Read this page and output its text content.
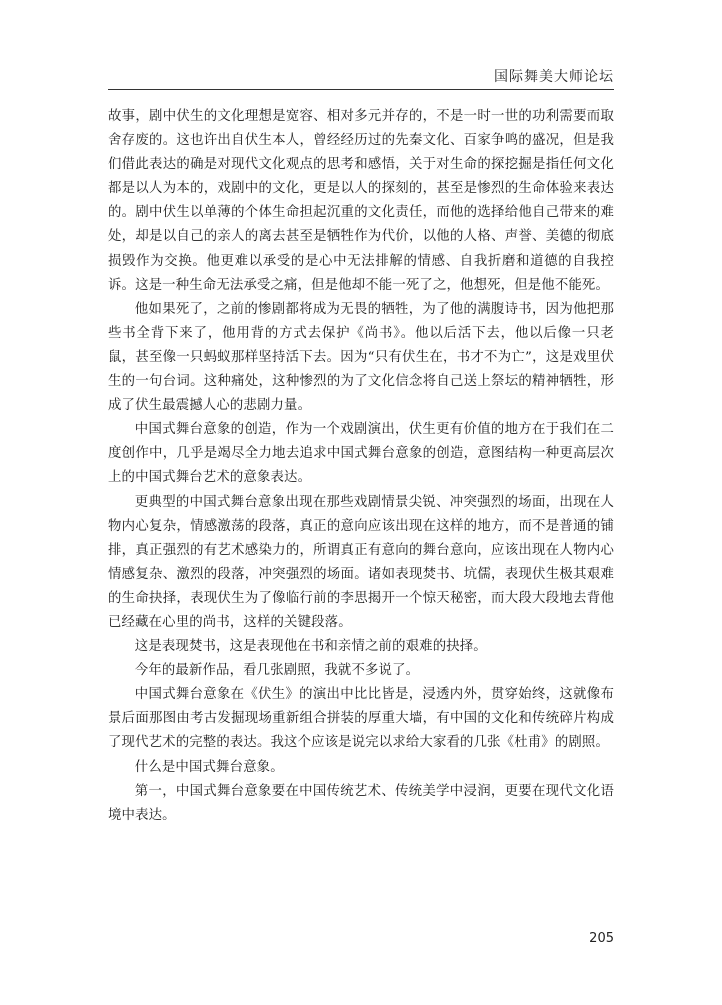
国际舞美大师论坛

故事，剧中伏生的文化理想是宽容、相对多元并存的，不是一时一世的功利需要而取舍存废的。这也许出自伏生本人，曾经经历过的先秦文化、百家争鸣的盛况，但是我们借此表达的确是对现代文化观点的思考和感悟，关于对生命的探挖掘是指任何文化都是以人为本的，戏剧中的文化，更是以人的探刻的，甚至是惨烈的生命体验来表达的。剧中伏生以单薄的个体生命担起沉重的文化责任，而他的选择给他自己带来的难处，却是以自己的亲人的离去甚至是牺牲作为代价，以他的人格、声誉、美德的彻底损毁作为交换。他更难以承受的是心中无法排解的情感、自我折磨和道德的自我控诉。这是一种生命无法承受之痛，但是他却不能一死了之，他想死，但是他不能死。

他如果死了，之前的惨剧都将成为无畏的牺牲，为了他的满腹诗书，因为他把那些书全背下来了，他用背的方式去保护《尚书》。他以后活下去，他以后像一只老鼠，甚至像一只蚂蚁那样坚持活下去。因为“只有伏生在，书才不为亡”，这是戏里伏生的一句台词。这种痛处，这种惨烈的为了文化信念将自己送上祭坛的精神牺牲，形成了伏生最震撼人心的悲剧力量。

中国式舞台意象的创造，作为一个戏剧演出，伏生更有价值的地方在于我们在二度创作中，几乎是竭尽全力地去追求中国式舞台意象的创造，意图结构一种更高层次上的中国式舞台艺术的意象表达。

更典型的中国式舞台意象出现在那些戏剧情景尖锐、冲突强烈的场面，出现在人物内心复杂，情感激荡的段落，真正的意向应该出现在这样的地方，而不是普通的铺排，真正强烈的有艺术感染力的，所谓真正有意向的舞台意向，应该出现在人物内心情感复杂、激烈的段落，冲突强烈的场面。诸如表现焚书、坑儒，表现伏生极其艰难的生命抉择，表现伏生为了像临行前的李思揭开一个惊天秘密，而大段大段地去背他已经藏在心里的尚书，这样的关键段落。

这是表现焚书，这是表现他在书和亲情之前的艰难的抉择。

今年的最新作品，看几张剧照，我就不多说了。

中国式舞台意象在《伏生》的演出中比比皆是，浸透内外，贯穿始终，这就像布景后面那图由考古发掘现场重新组合拼装的厚重大墙，有中国的文化和传统碎片构成了现代艺术的完整的表达。我这个应该是说完以求给大家看的几张《杜甫》的剧照。

什么是中国式舞台意象。

第一，中国式舞台意象要在中国传统艺术、传统美学中浸润，更要在现代文化语境中表达。

205
